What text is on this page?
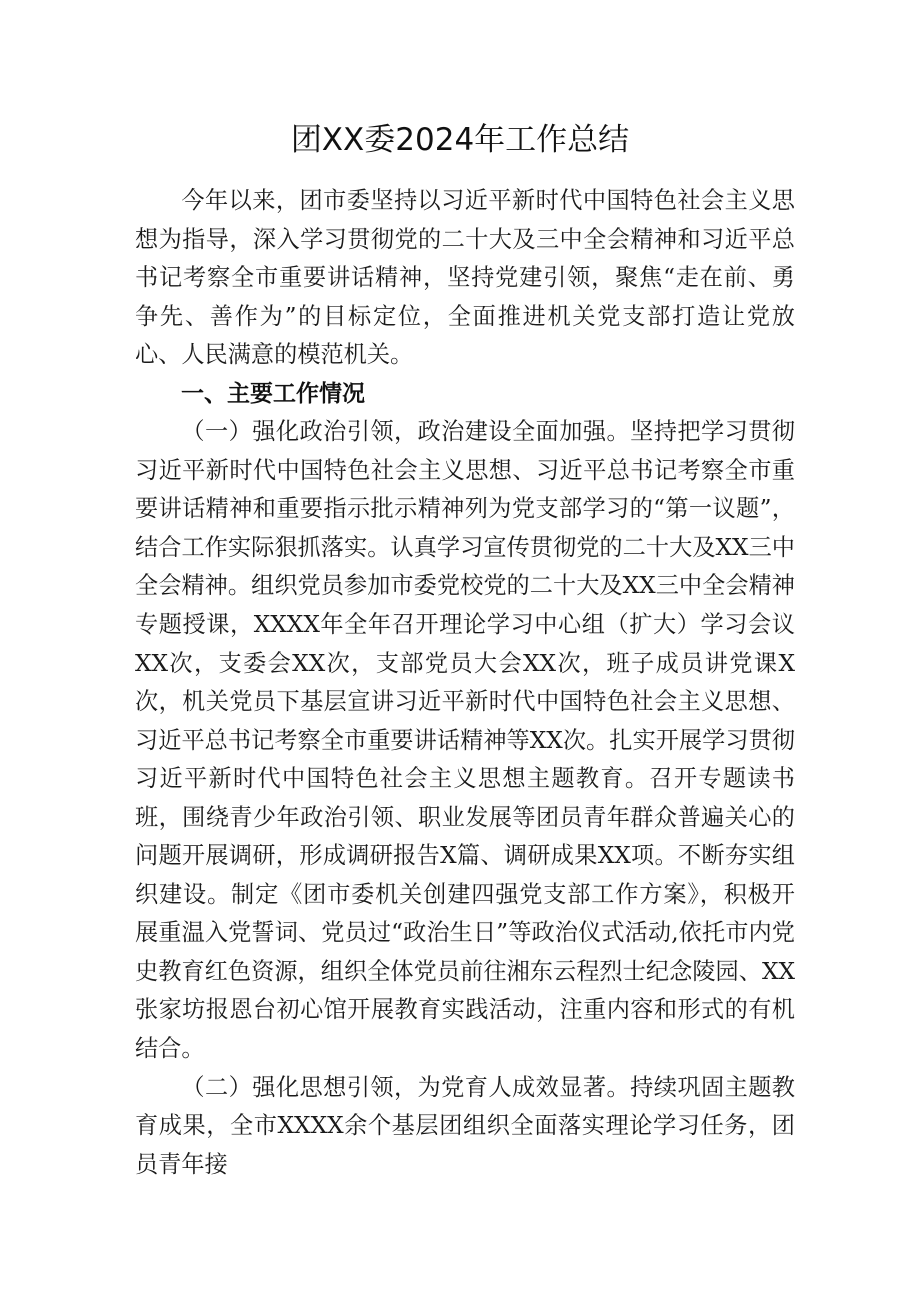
团XX委2024年工作总结

今年以来，团市委坚持以习近平新时代中国特色社会主义思想为指导，深入学习贯彻党的二十大及三中全会精神和习近平总书记考察全市重要讲话精神，坚持党建引领，聚焦“走在前、勇争先、善作为”的目标定位，全面推进机关党支部打造让党放心、人民满意的模范机关。

一、主要工作情况

（一）强化政治引领，政治建设全面加强。坚持把学习贯彻习近平新时代中国特色社会主义思想、习近平总书记考察全市重要讲话精神和重要指示批示精神列为党支部学习的“第一议题”，结合工作实际狠抓落实。认真学习宣传贯彻党的二十大及XX三中全会精神。组织党员参加市委党校党的二十大及XX三中全会精神专题授课，XXXX年全年召开理论学习中心组（扩大）学习会议XX次，支委会XX次，支部党员大会XX次，班子成员讲党课X次，机关党员下基层宣讲习近平新时代中国特色社会主义思想、习近平总书记考察全市重要讲话精神等XX次。扎实开展学习贯彻习近平新时代中国特色社会主义思想主题教育。召开专题读书班，围绕青少年政治引领、职业发展等团员青年群众普遍关心的问题开展调研，形成调研报告X篇、调研成果XX项。不断夯实组织建设。制定《团市委机关创建四强党支部工作方案》，积极开展重温入党誓词、党员过“政治生日”等政治仪式活动,依托市内党史教育红色资源，组织全体党员前往湘东云程烈士纪念陵园、XX张家坊报恩台初心馆开展教育实践活动，注重内容和形式的有机结合。

（二）强化思想引领，为党育人成效显著。持续巩固主题教育成果，全市XXXX余个基层团组织全面落实理论学习任务，团员青年接
